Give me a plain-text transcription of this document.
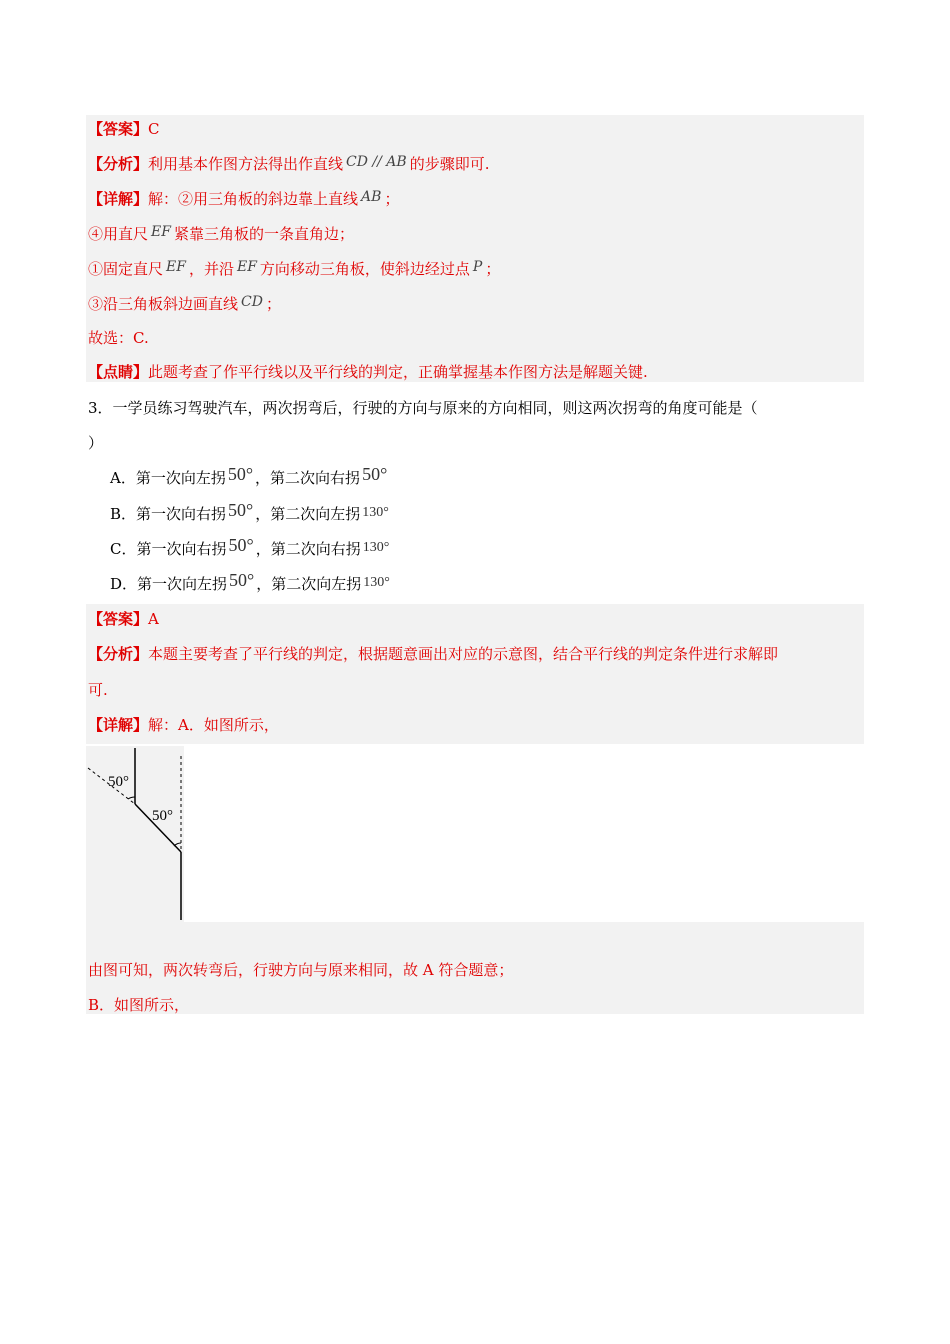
【答案】C
【分析】利用基本作图方法得出作直线 CD // AB 的步骤即可.
【详解】解：②用三角板的斜边靠上直线 AB ；
④用直尺 EF 紧靠三角板的一条直角边；
①固定直尺 EF ，并沿 EF 方向移动三角板，使斜边经过点 P ；
③沿三角板斜边画直线 CD ；
故选：C.
【点睛】此题考查了作平行线以及平行线的判定，正确掌握基本作图方法是解题关键.
3．一学员练习驾驶汽车，两次拐弯后，行驶的方向与原来的方向相同，则这两次拐弯的角度可能是（
）
A．第一次向左拐 50° ，第二次向右拐 50°
B．第一次向右拐 50° ，第二次向左拐 130°
C．第一次向右拐 50° ，第二次向右拐 130°
D．第一次向左拐 50° ，第二次向左拐 130°
【答案】A
【分析】本题主要考查了平行线的判定，根据题意画出对应的示意图，结合平行线的判定条件进行求解即
可.
【详解】解：A．如图所示，
50°
50°
由图可知，两次转弯后，行驶方向与原来相同，故 A 符合题意；
B．如图所示，
